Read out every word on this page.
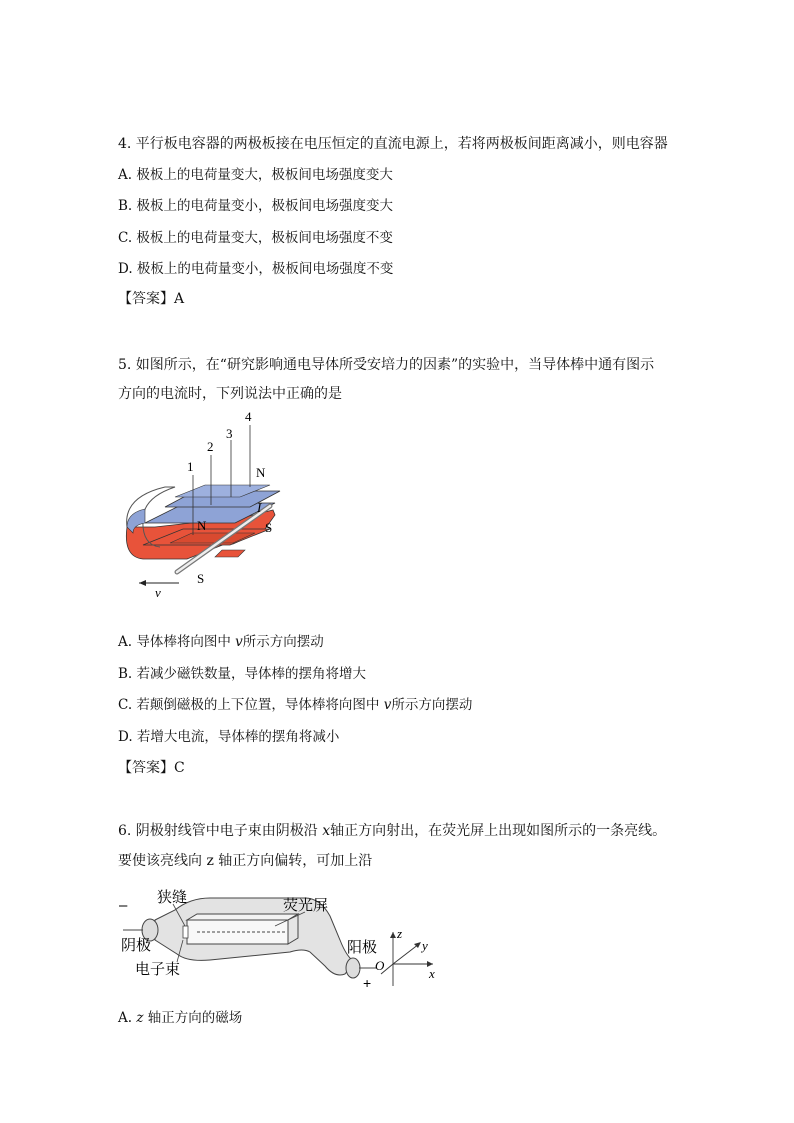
4. 平行板电容器的两极板接在电压恒定的直流电源上，若将两极板间距离减小，则电容器
A. 极板上的电荷量变大，极板间电场强度变大
B. 极板上的电荷量变小，极板间电场强度变大
C. 极板上的电荷量变大，极板间电场强度不变
D. 极板上的电荷量变小，极板间电场强度不变
【答案】A
5. 如图所示，在“研究影响通电导体所受安培力的因素”的实验中，当导体棒中通有图示
方向的电流时，下列说法中正确的是
1
2
3
4
N
N	S
S
I
v
A. 导体棒将向图中 v所示方向摆动
B. 若减少磁铁数量，导体棒的摆角将增大
C. 若颠倒磁极的上下位置，导体棒将向图中 v所示方向摆动
D. 若增大电流，导体棒的摆角将减小
【答案】C
6. 阴极射线管中电子束由阴极沿 x轴正方向射出，在荧光屏上出现如图所示的一条亮线。
要使该亮线向 z 轴正方向偏转，可加上沿
– 狭缝	荧光屏
阴极
电子束
阳极
+
z
y
x
O
A. z 轴正方向的磁场
